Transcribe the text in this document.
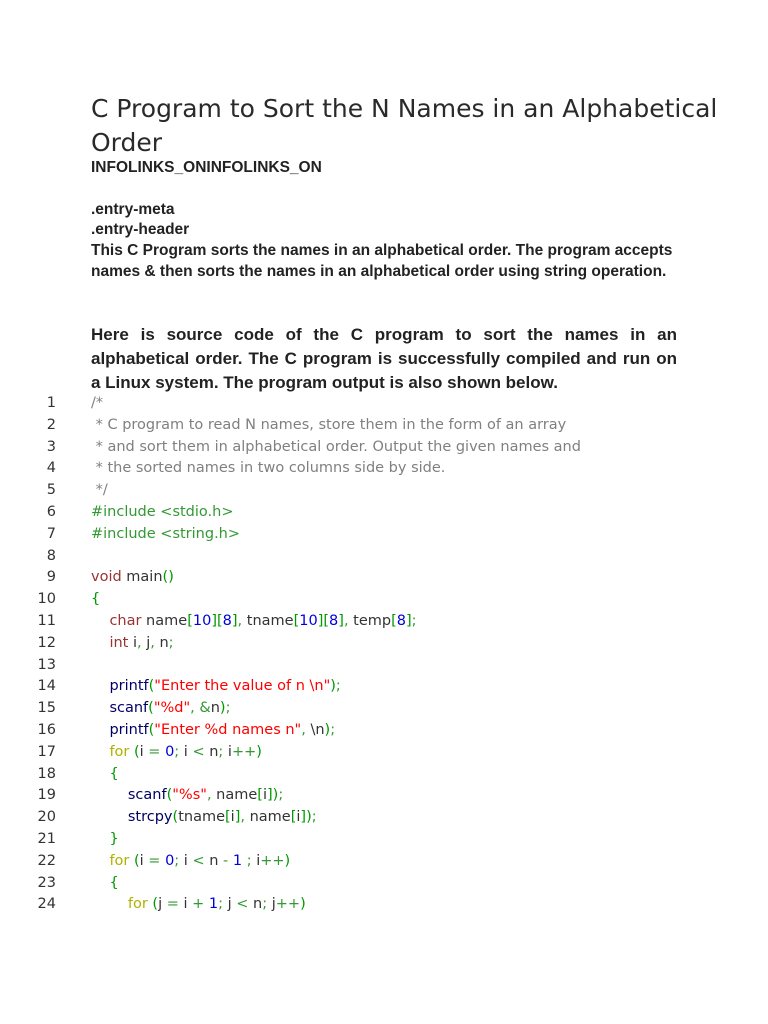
C Program to Sort the N Names in an Alphabetical Order
INFOLINKS_ONINFOLINKS_ON
.entry-meta
.entry-header

This C Program sorts the names in an alphabetical order. The program accepts names & then sorts the names in an alphabetical order using string operation.

Here is source code of the C program to sort the names in an alphabetical order. The C program is successfully compiled and run on a Linux system. The program output is also shown below.

1 /*
2 * C program to read N names, store them in the form of an array
3 * and sort them in alphabetical order. Output the given names and
4 * the sorted names in two columns side by side.
5 */
6 #include <stdio.h>
7 #include <string.h>
8
9 void main()
10 {
11	char name[10][8], tname[10][8], temp[8];
12	int i, j, n;
13
14	printf("Enter the value of n \n");
15	scanf("%d", &n);
16	printf("Enter %d names n", \n);
17	for (i = 0; i < n; i++)
18	{
19	scanf("%s", name[i]);
20	strcpy(tname[i], name[i]);
21	}
22	for (i = 0; i < n - 1 ; i++)
23	{
24	for (j = i + 1; j < n; j++)
